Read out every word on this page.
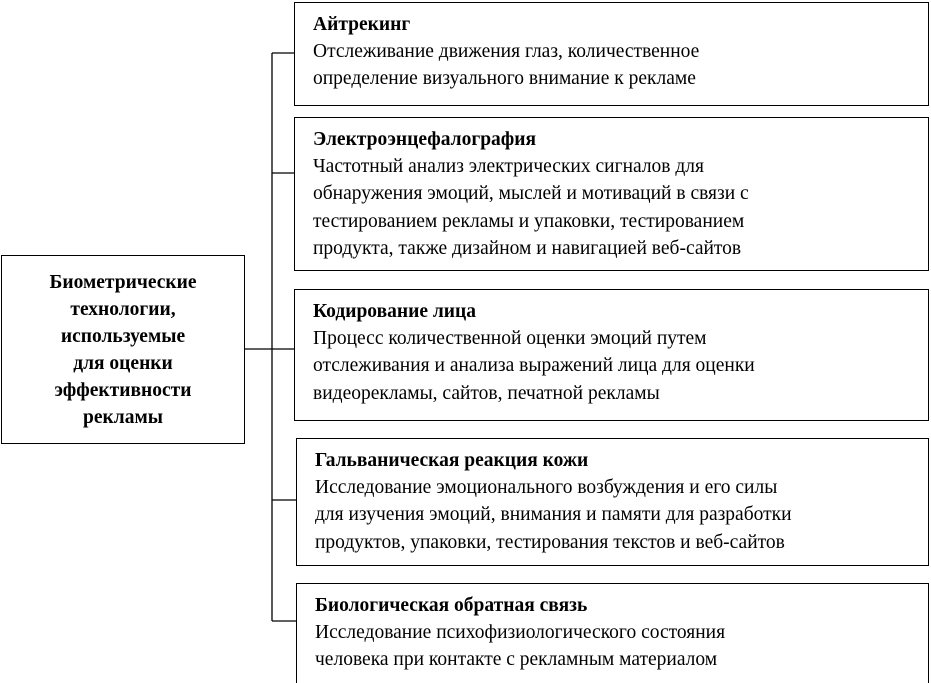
Биометрические
технологии,
используемые
для оценки
эффективности
рекламы
Айтрекинг
Отслеживание движения глаз, количественное
определение визуального внимание к рекламе
Электроэнцефалография
Частотный анализ электрических сигналов для
обнаружения эмоций, мыслей и мотиваций в связи с
тестированием рекламы и упаковки, тестированием
продукта, также дизайном и навигацией веб-сайтов
Кодирование лица
Процесс количественной оценки эмоций путем
отслеживания и анализа выражений лица для оценки
видеорекламы, сайтов, печатной рекламы
Гальваническая реакция кожи
Исследование эмоционального возбуждения и его силы
для изучения эмоций, внимания и памяти для разработки
продуктов, упаковки, тестирования текстов и веб-сайтов
Биологическая обратная связь
Исследование психофизиологического состояния
человека при контакте с рекламным материалом
